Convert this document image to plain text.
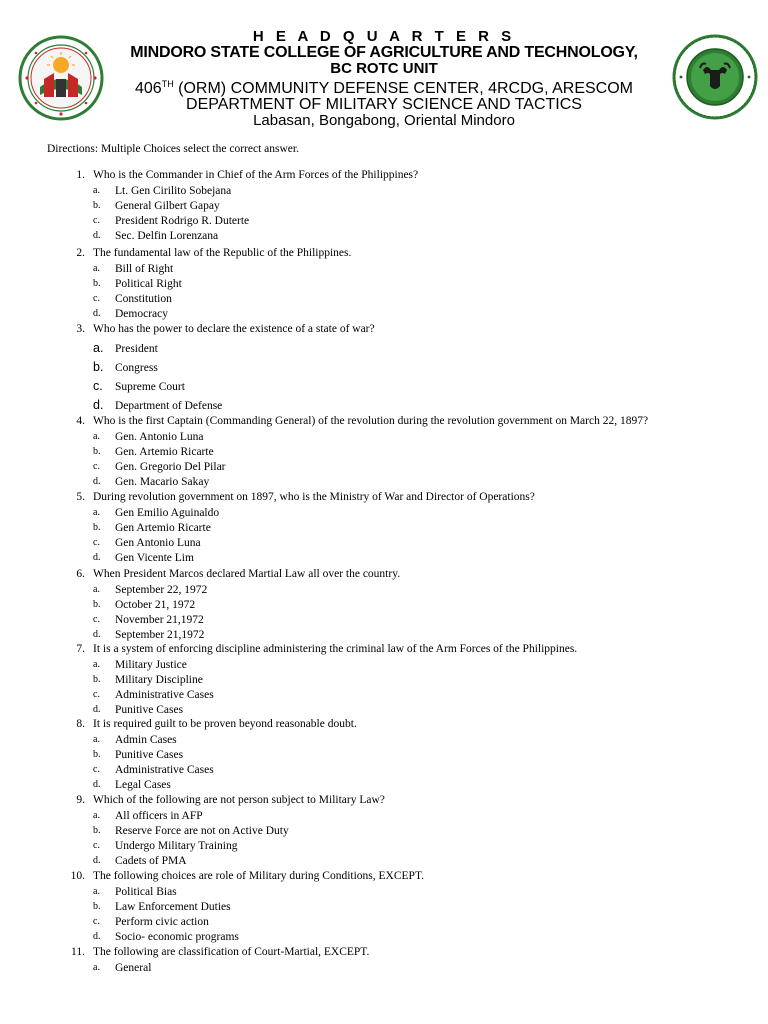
H E A D Q U A R T E R S
MINDORO STATE COLLEGE OF AGRICULTURE AND TECHNOLOGY,
BC ROTC UNIT
406TH (ORM) COMMUNITY DEFENSE CENTER, 4RCDG, ARESCOM
DEPARTMENT OF MILITARY SCIENCE AND TACTICS
Labasan, Bongabong, Oriental Mindoro
Directions: Multiple Choices select the correct answer.
1. Who is the Commander in Chief of the Arm Forces of the Philippines?
a. Lt. Gen Cirilito Sobejana
b. General Gilbert Gapay
c. President Rodrigo R. Duterte
d. Sec. Delfin Lorenzana
2. The fundamental law of the Republic of the Philippines.
a. Bill of Right
b. Political Right
c. Constitution
d. Democracy
3. Who has the power to declare the existence of a state of war?
a. President
b. Congress
c. Supreme Court
d. Department of Defense
4. Who is the first Captain (Commanding General) of the revolution during the revolution government on March 22, 1897?
a. Gen. Antonio Luna
b. Gen. Artemio Ricarte
c. Gen. Gregorio Del Pilar
d. Gen. Macario Sakay
5. During revolution government on 1897, who is the Ministry of War and Director of Operations?
a. Gen Emilio Aguinaldo
b. Gen Artemio Ricarte
c. Gen Antonio Luna
d. Gen Vicente Lim
6. When President Marcos declared Martial Law all over the country.
a. September 22, 1972
b. October 21, 1972
c. November 21,1972
d. September 21,1972
7. It is a system of enforcing discipline administering the criminal law of the Arm Forces of the Philippines.
a. Military Justice
b. Military Discipline
c. Administrative Cases
d. Punitive Cases
8. It is required guilt to be proven beyond reasonable doubt.
a. Admin Cases
b. Punitive Cases
c. Administrative Cases
d. Legal Cases
9. Which of the following are not person subject to Military Law?
a. All officers in AFP
b. Reserve Force are not on Active Duty
c. Undergo Military Training
d. Cadets of PMA
10. The following choices are role of Military during Conditions, EXCEPT.
a. Political Bias
b. Law Enforcement Duties
c. Perform civic action
d. Socio- economic programs
11. The following are classification of Court-Martial, EXCEPT.
a. General
